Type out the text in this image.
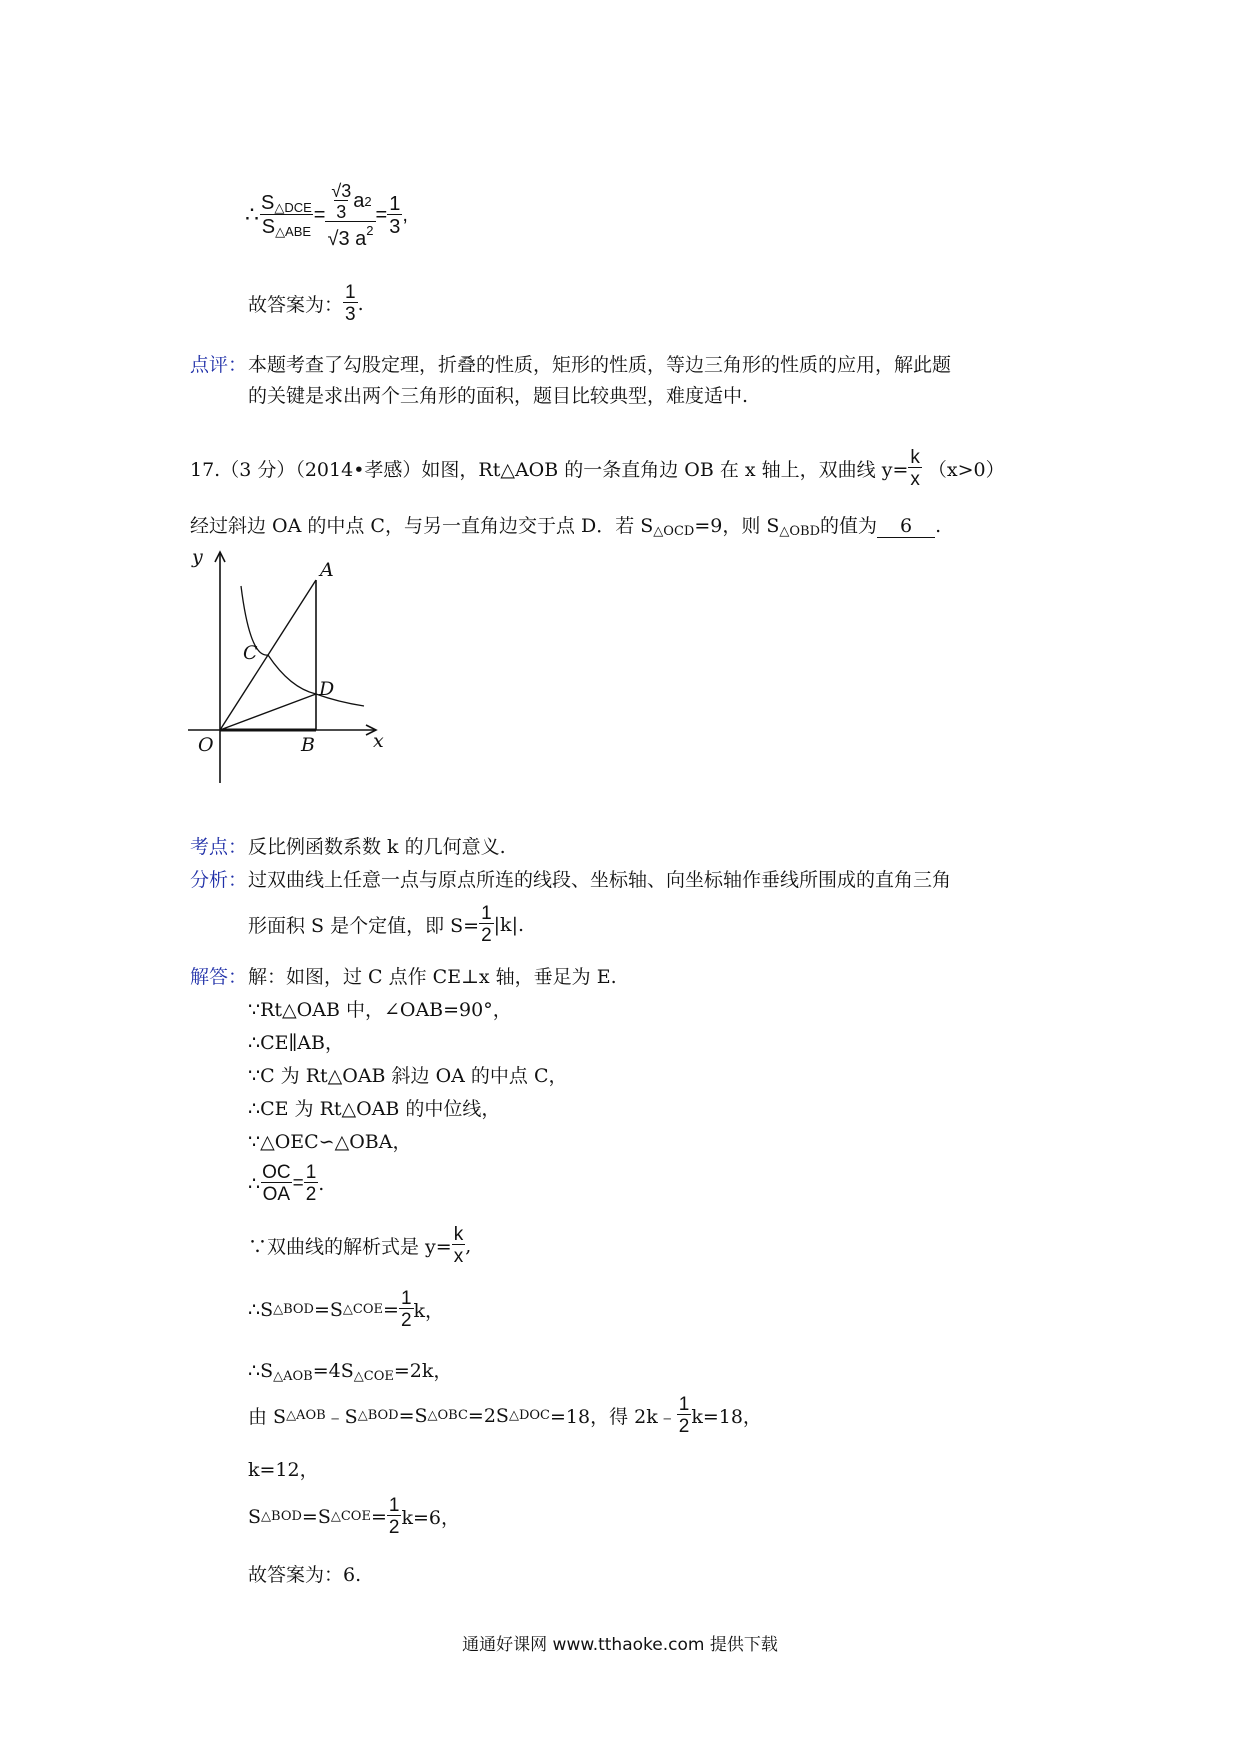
∴ $\frac{S_{\triangle DCE}}{S_{\triangle ABE}} = \frac{\frac{√3}{3} a 2}{√3 a^2} = \frac{1}{3}$ ,
故答案为： $\frac{1}{3}$ .
点评： 本题考查了勾股定理，折叠的性质，矩形的性质，等边三角形的性质的应用，解此题
的关键是求出两个三角形的面积，题目比较典型，难度适中.
17.（3 分）（2014•孝感）如图，Rt△AOB 的一条直角边 OB 在 x 轴上，双曲线 $y= \frac{k}{x} (x>0)$
经过斜边 OA 的中点 C，与另一直角边交于点 D．若 $S_{\triangle OCD}=9$，则 $S_{\triangle OBD}$的值为 6 .
y
A
C
D
O	B	x
考点： 反比例函数系数 k 的几何意义.
分析： 过双曲线上任意一点与原点所连的线段、坐标轴、向坐标轴作垂线所围成的直角三角
形面积 S 是个定值，即 $S= \frac{1}{2} |k|$.
解答： 解：如图，过 C 点作 CE⊥x 轴，垂足为 E.
∵Rt△OAB 中，∠OAB=90°，
∴CE∥AB，
∵C 为 Rt△OAB 斜边 OA 的中点 C，
∴CE 为 Rt△OAB 的中位线，
∵△OEC∽△OBA，
∴ $\frac{OC}{OA} = \frac{1}{2}$ .
∵双曲线的解析式是 $y= \frac{k}{x}$ ,
∴S △BOD =S △COE = $\frac{1}{2}$ k，
$\therefore S_{\triangle AOB}=4S_{\triangle COE}=2k$，
由 S △AOB ﹣S △BOD =S △OBC =2S △DOC =18，得 2k﹣ $\frac{1}{2} k=18$，
k=12，
S △BOD =S △COE = $\frac{1}{2} k=6$，
故答案为：6.
通通好课网 www.tthaoke.com 提供下载
